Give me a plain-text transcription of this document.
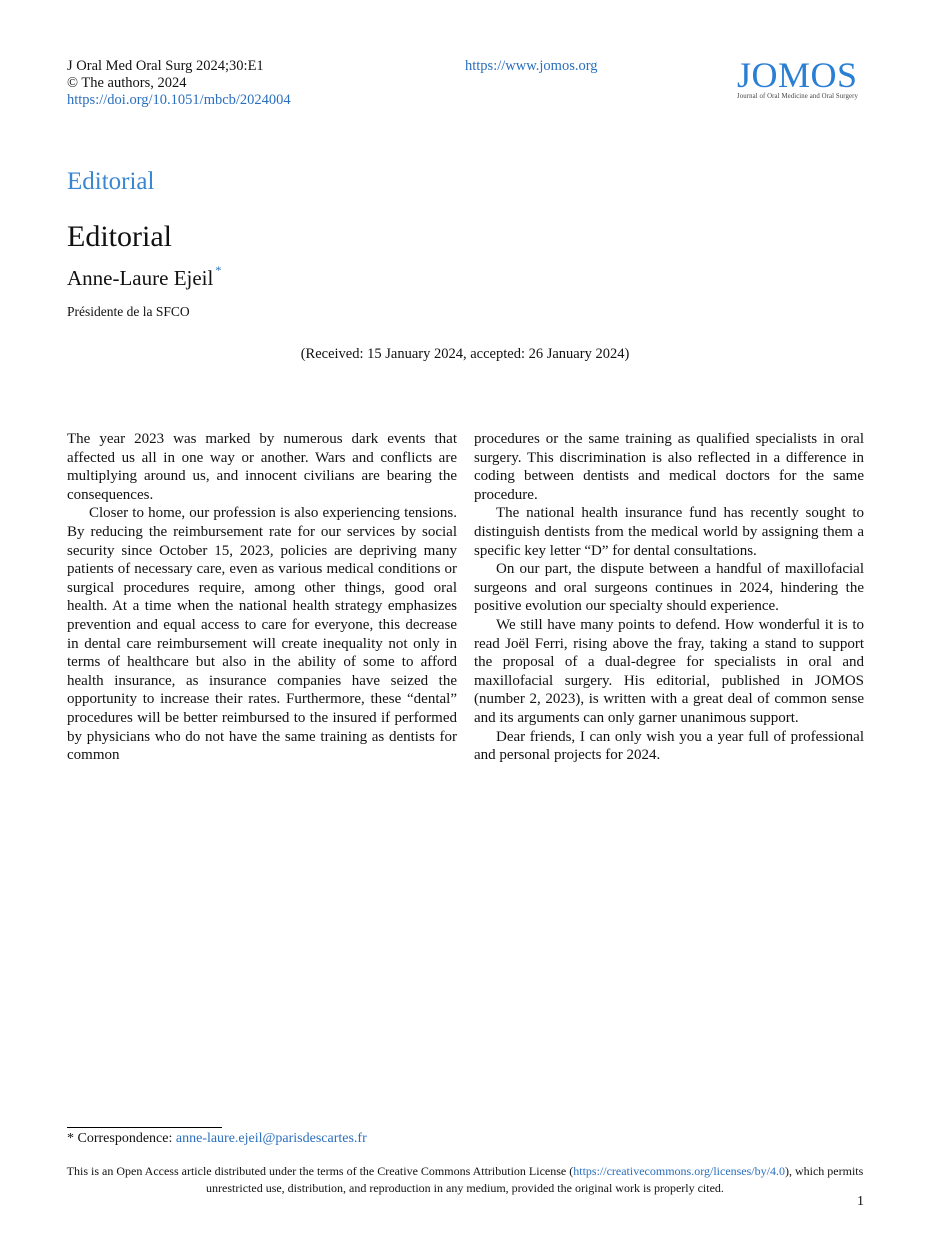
J Oral Med Oral Surg 2024;30:E1
© The authors, 2024
https://doi.org/10.1051/mbcb/2024004
https://www.jomos.org	JOMOS
Journal of Oral Medicine and Oral Surgery
Editorial
Editorial
Anne-Laure Ejeil *
Présidente de la SFCO
(Received: 15 January 2024, accepted: 26 January 2024)

The year 2023 was marked by numerous dark events that affected us all in one way or another. Wars and conflicts are multiplying around us, and innocent civilians are bearing the consequences.

Closer to home, our profession is also experiencing tensions. By reducing the reimbursement rate for our services by social security since October 15, 2023, policies are depriving many patients of necessary care, even as various medical conditions or surgical procedures require, among other things, good oral health. At a time when the national health strategy emphasizes prevention and equal access to care for everyone, this decrease in dental care reimbursement will create inequality not only in terms of healthcare but also in the ability of some to afford health insurance, as insurance companies have seized the opportunity to increase their rates. Furthermore, these “dental” procedures will be better reimbursed to the insured if performed by physicians who do not have the same training as dentists for common

procedures or the same training as qualified specialists in oral surgery. This discrimination is also reflected in a difference in coding between dentists and medical doctors for the same procedure.

The national health insurance fund has recently sought to distinguish dentists from the medical world by assigning them a specific key letter “D” for dental consultations.

On our part, the dispute between a handful of maxillofacial surgeons and oral surgeons continues in 2024, hindering the positive evolution our specialty should experience.

We still have many points to defend. How wonderful it is to read Joël Ferri, rising above the fray, taking a stand to support the proposal of a dual-degree for specialists in oral and maxillofacial surgery. His editorial, published in JOMOS (number 2, 2023), is written with a great deal of common sense and its arguments can only garner unanimous support.

Dear friends, I can only wish you a year full of professional and personal projects for 2024.

* Correspondence: anne-laure.ejeil@parisdescartes.fr
This is an Open Access article distributed under the terms of the Creative Commons Attribution License (https://creativecommons.org/licenses/by/4.0), which permits unrestricted use, distribution, and reproduction in any medium, provided the original work is properly cited.
1
